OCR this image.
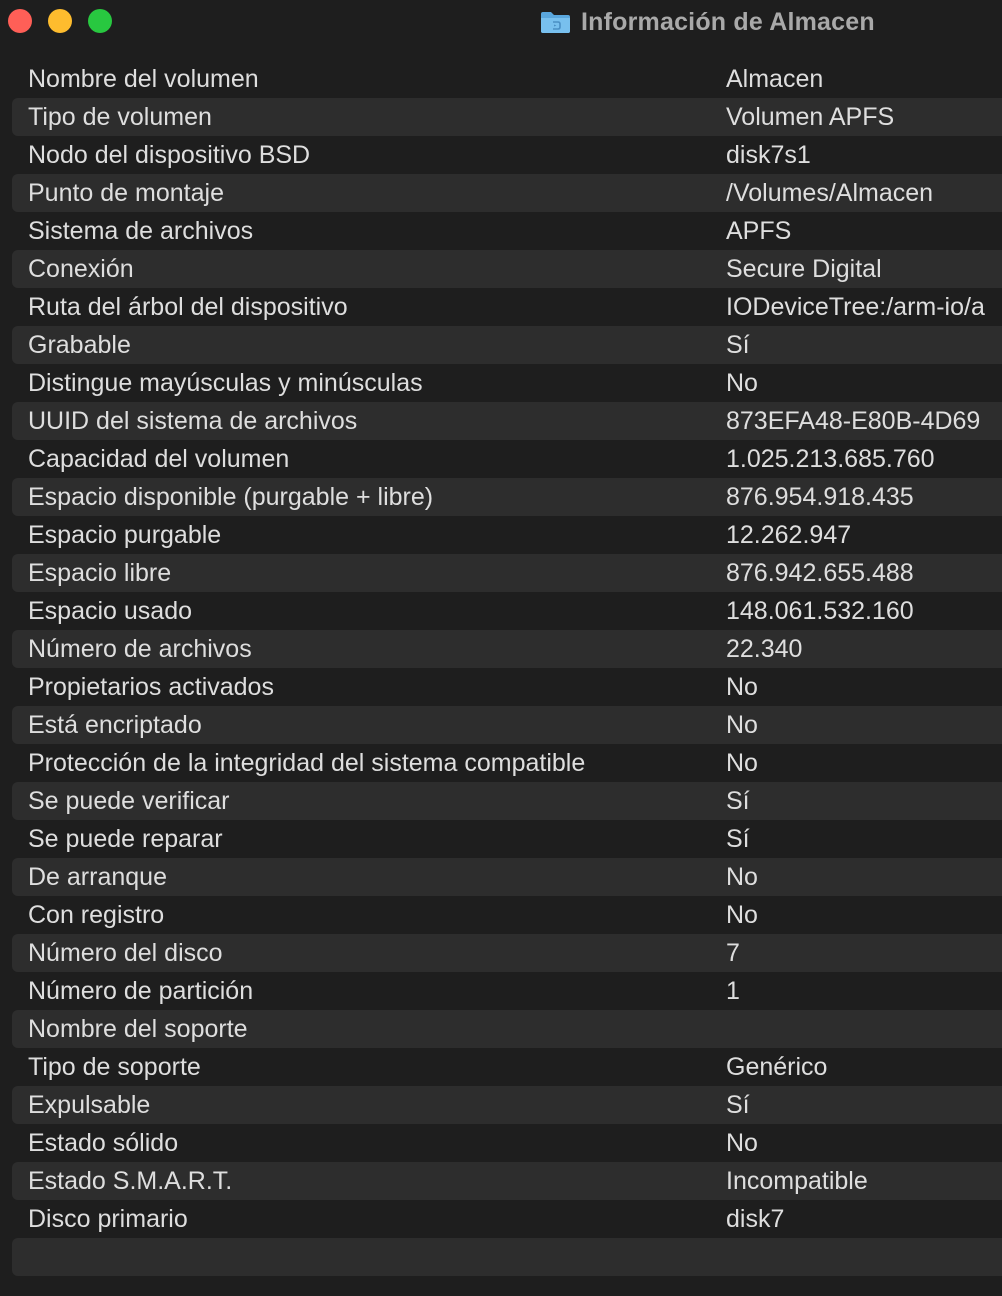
Información de Almacen
Nombre del volumen	Almacen
Tipo de volumen	Volumen APFS
Nodo del dispositivo BSD	disk7s1
Punto de montaje	/Volumes/Almacen
Sistema de archivos	APFS
Conexión	Secure Digital
Ruta del árbol del dispositivo	IODeviceTree:/arm-io/a
Grabable	Sí
Distingue mayúsculas y minúsculas	No
UUID del sistema de archivos	873EFA48-E80B-4D69
Capacidad del volumen	1.025.213.685.760
Espacio disponible (purgable + libre)	876.954.918.435
Espacio purgable	12.262.947
Espacio libre	876.942.655.488
Espacio usado	148.061.532.160
Número de archivos	22.340
Propietarios activados	No
Está encriptado	No
Protección de la integridad del sistema compatible	No
Se puede verificar	Sí
Se puede reparar	Sí
De arranque	No
Con registro	No
Número del disco	7
Número de partición	1
Nombre del soporte
Tipo de soporte	Genérico
Expulsable	Sí
Estado sólido	No
Estado S.M.A.R.T.	Incompatible
Disco primario	disk7
